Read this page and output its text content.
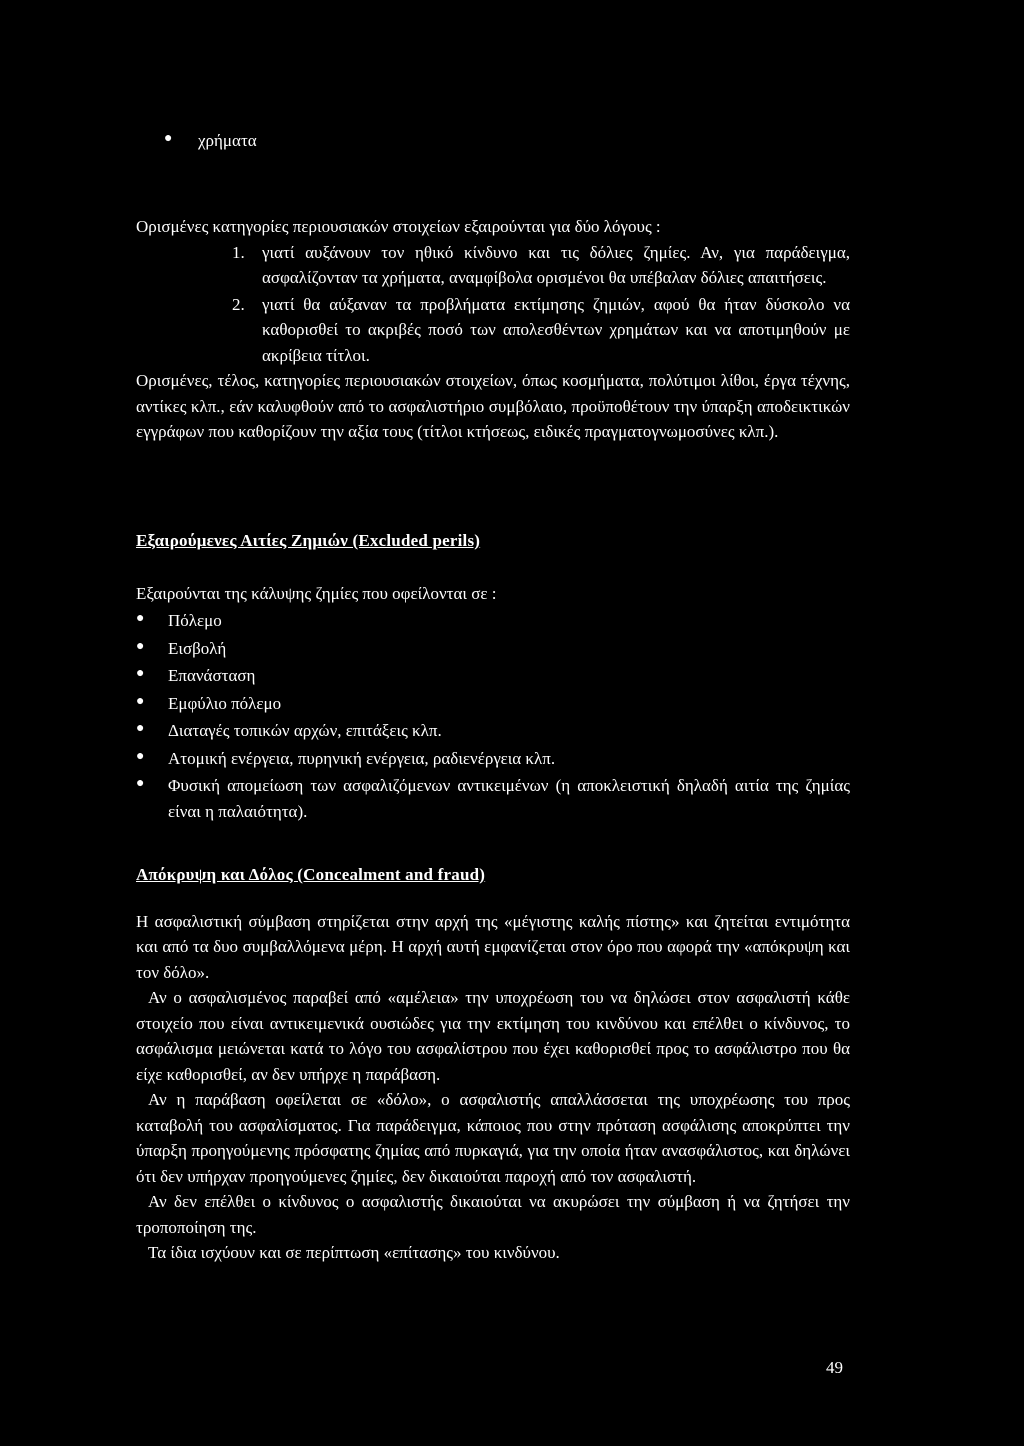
●	χρήματα

Ορισμένες κατηγορίες περιουσιακών στοιχείων εξαιρούνται για δύο λόγους :

1. γιατί αυξάνουν τον ηθικό κίνδυνο και τις δόλιες ζημίες. Αν, για παράδειγμα, ασφαλίζονταν τα χρήματα, αναμφίβολα ορισμένοι θα υπέβαλαν δόλιες απαιτήσεις.
2. γιατί θα αύξαναν τα προβλήματα εκτίμησης ζημιών, αφού θα ήταν δύσκολο να καθορισθεί το ακριβές ποσό των απολεσθέντων χρημάτων και να αποτιμηθούν με ακρίβεια τίτλοι.

Ορισμένες, τέλος, κατηγορίες περιουσιακών στοιχείων, όπως κοσμήματα, πολύτιμοι λίθοι, έργα τέχνης, αντίκες κλπ., εάν καλυφθούν από το ασφαλιστήριο συμβόλαιο, προϋποθέτουν την ύπαρξη αποδεικτικών εγγράφων που καθορίζουν την αξία τους (τίτλοι κτήσεως, ειδικές πραγματογνωμοσύνες κλπ.).

Εξαιρούμενες Αιτίες Ζημιών (Excluded perils)

Εξαιρούνται της κάλυψης ζημίες που οφείλονται σε :

●	Πόλεμο
●	Εισβολή
●	Επανάσταση
●	Εμφύλιο πόλεμο
●	Διαταγές τοπικών αρχών, επιτάξεις κλπ.
●	Ατομική ενέργεια, πυρηνική ενέργεια, ραδιενέργεια κλπ.
●	Φυσική απομείωση των ασφαλιζόμενων αντικειμένων (η αποκλειστική δηλαδή αιτία της ζημίας είναι η παλαιότητα).

Απόκρυψη και Δόλος (Concealment and fraud)

Η ασφαλιστική σύμβαση στηρίζεται στην αρχή της «μέγιστης καλής πίστης» και ζητείται εντιμότητα και από τα δυο συμβαλλόμενα μέρη. Η αρχή αυτή εμφανίζεται στον όρο που αφορά την «απόκρυψη και τον δόλο».

Αν ο ασφαλισμένος παραβεί από «αμέλεια» την υποχρέωση του να δηλώσει στον ασφαλιστή κάθε στοιχείο που είναι αντικειμενικά ουσιώδες για την εκτίμηση του κινδύνου και επέλθει ο κίνδυνος, το ασφάλισμα μειώνεται κατά το λόγο του ασφαλίστρου που έχει καθορισθεί προς το ασφάλιστρο που θα είχε καθορισθεί, αν δεν υπήρχε η παράβαση.

Αν η παράβαση οφείλεται σε «δόλο», ο ασφαλιστής απαλλάσσεται της υποχρέωσης του προς καταβολή του ασφαλίσματος. Για παράδειγμα, κάποιος που στην πρόταση ασφάλισης αποκρύπτει την ύπαρξη προηγούμενης πρόσφατης ζημίας από πυρκαγιά, για την οποία ήταν ανασφάλιστος, και δηλώνει ότι δεν υπήρχαν προηγούμενες ζημίες, δεν δικαιούται παροχή από τον ασφαλιστή.

Αν δεν επέλθει ο κίνδυνος ο ασφαλιστής δικαιούται να ακυρώσει την σύμβαση ή να ζητήσει την τροποποίηση της.

Τα ίδια ισχύουν και σε περίπτωση «επίτασης» του κινδύνου.

49
